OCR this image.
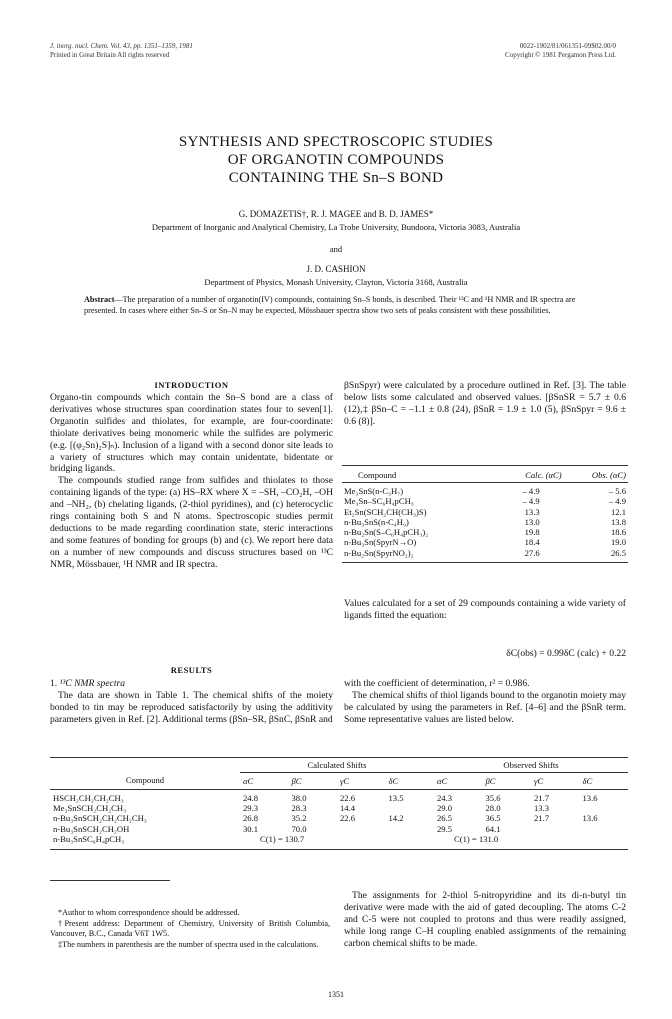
J. inorg. nucl. Chem. Vol. 43, pp. 1351–1359, 1981
Printed in Great Britain All rights reserved
0022-1902/81/061351-09$02.00/0
Copyright © 1981 Pergamon Press Ltd.
SYNTHESIS AND SPECTROSCOPIC STUDIES
OF ORGANOTIN COMPOUNDS
CONTAINING THE Sn–S BOND
G. DOMAZETIS†, R. J. MAGEE and B. D. JAMES*
Department of Inorganic and Analytical Chemistry, La Trobe University, Bundoora, Victoria 3083, Australia
and
J. D. CASHION
Department of Physics, Monash University, Clayton, Victoria 3168, Australia
Abstract—The preparation of a number of organotin(IV) compounds, containing Sn–S bonds, is described. Their ¹³C and ¹H NMR and IR spectra are presented. In cases where either Sn–S or Sn–N may be expected, Mössbauer spectra show two sets of peaks consistent with these possibilities.
INTRODUCTION
Organo-tin compounds which contain the Sn–S bond are a class of derivatives whose structures span coordination states four to seven[1]. Organotin sulfides and thiolates, for example, are four-coordinate: thiolate derivatives being monomeric while the sulfides are polymeric (e.g. [(φ₂Sn)₂S]ₙ). Inclusion of a ligand with a second donor site leads to a variety of structures which may contain unidentate, bidentate or bridging ligands.
The compounds studied range from sulfides and thiolates to those containing ligands of the type: (a) HS–RX where X = –SH, –CO₂H, –OH and –NH₂, (b) chelating ligands, (2-thiol pyridines), and (c) heterocyclic rings containing both S and N atoms. Spectroscopic studies permit deductions to be made regarding coordination state, steric interactions and some features of bonding for groups (b) and (c). We report here data on a number of new compounds and discuss structures based on ¹³C NMR, Mössbauer, ¹H NMR and IR spectra.
RESULTS
1. ¹³C NMR spectra
The data are shown in Table 1. The chemical shifts of the moiety bonded to tin may be reproduced satisfactorily by using the additivity parameters given in Ref. [2]. Additional terms (βSn–SR, βSnC, βSnR and
βSnSpyr) were calculated by a procedure outlined in Ref. [3]. The table below lists some calculated and observed values. [βSnSR = 5.7 ± 0.6 (12),‡ βSn–C = –1.1 ± 0.8 (24), βSnR = 1.9 ± 1.0 (5), βSnSpyr = 9.6 ± 0.6 (8)].
Compound	Calc. (αC)	Obs. (αC)

Me₃SnS(n-C₃H₇)	– 4.9	– 5.6
Me₃Sn–SC₆H₄pCH₃	– 4.9	– 4.9
Et₂Sn(SCH₂CH(CH₃)S)	13.3	12.1
n-Bu₃SnS(n-C₄H₉)	13.0	13.8
n-Bu₂Sn(S–C₆H₄pCH₃)₂	19.8	18.6
n-Bu₃Sn(SpyrN→O)	18.4	19.0
n-Bu₂Sn(SpyrNO₂)₂	27.6	26.5

Values calculated for a set of 29 compounds containing a wide variety of ligands fitted the equation:
δC(obs) = 0.99δC (calc) + 0.22
with the coefficient of determination, r² = 0.986.
The chemical shifts of thiol ligands bound to the organotin moiety may be calculated by using the parameters in Ref. [4–6] and the βSnR term. Some representative values are listed below.
	Calculated Shifts				Observed Shifts			
Compound	αC	βC	γC	δC	αC	βC	γC	δC

HSCH₂CH₂CH₂CH₃	24.8	38.0	22.6	13.5	24.3	35.6	21.7	13.6
Me₃SnSCH₂CH₂CH₃	29.3	28.3	14.4		29.0	28.0	13.3	
n-Bu₃SnSCH₂CH₂CH₂CH₃	26.8	35.2	22.6	14.2	26.5	36.5	21.7	13.6
n-Bu₃SnSCH₂CH₂OH	30.1	70.0			29.5	64.1		
n-Bu₃SnSC₆H₄pCH₃	C(1) = 130.7				C(1) = 131.0			

The assignments for 2-thiol 5-nitropyridine and its di-n-butyl tin derivative were made with the aid of gated decoupling. The atoms C-2 and C-5 were not coupled to protons and thus were readily assigned, while long range C–H coupling enabled assignments of the remaining carbon chemical shifts to be made.
*Author to whom correspondence should be addressed.
†Present address: Department of Chemistry, University of British Columbia, Vancouver, B.C., Canada V6T 1W5.
‡The numbers in parenthesis are the number of spectra used in the calculations.
1351
